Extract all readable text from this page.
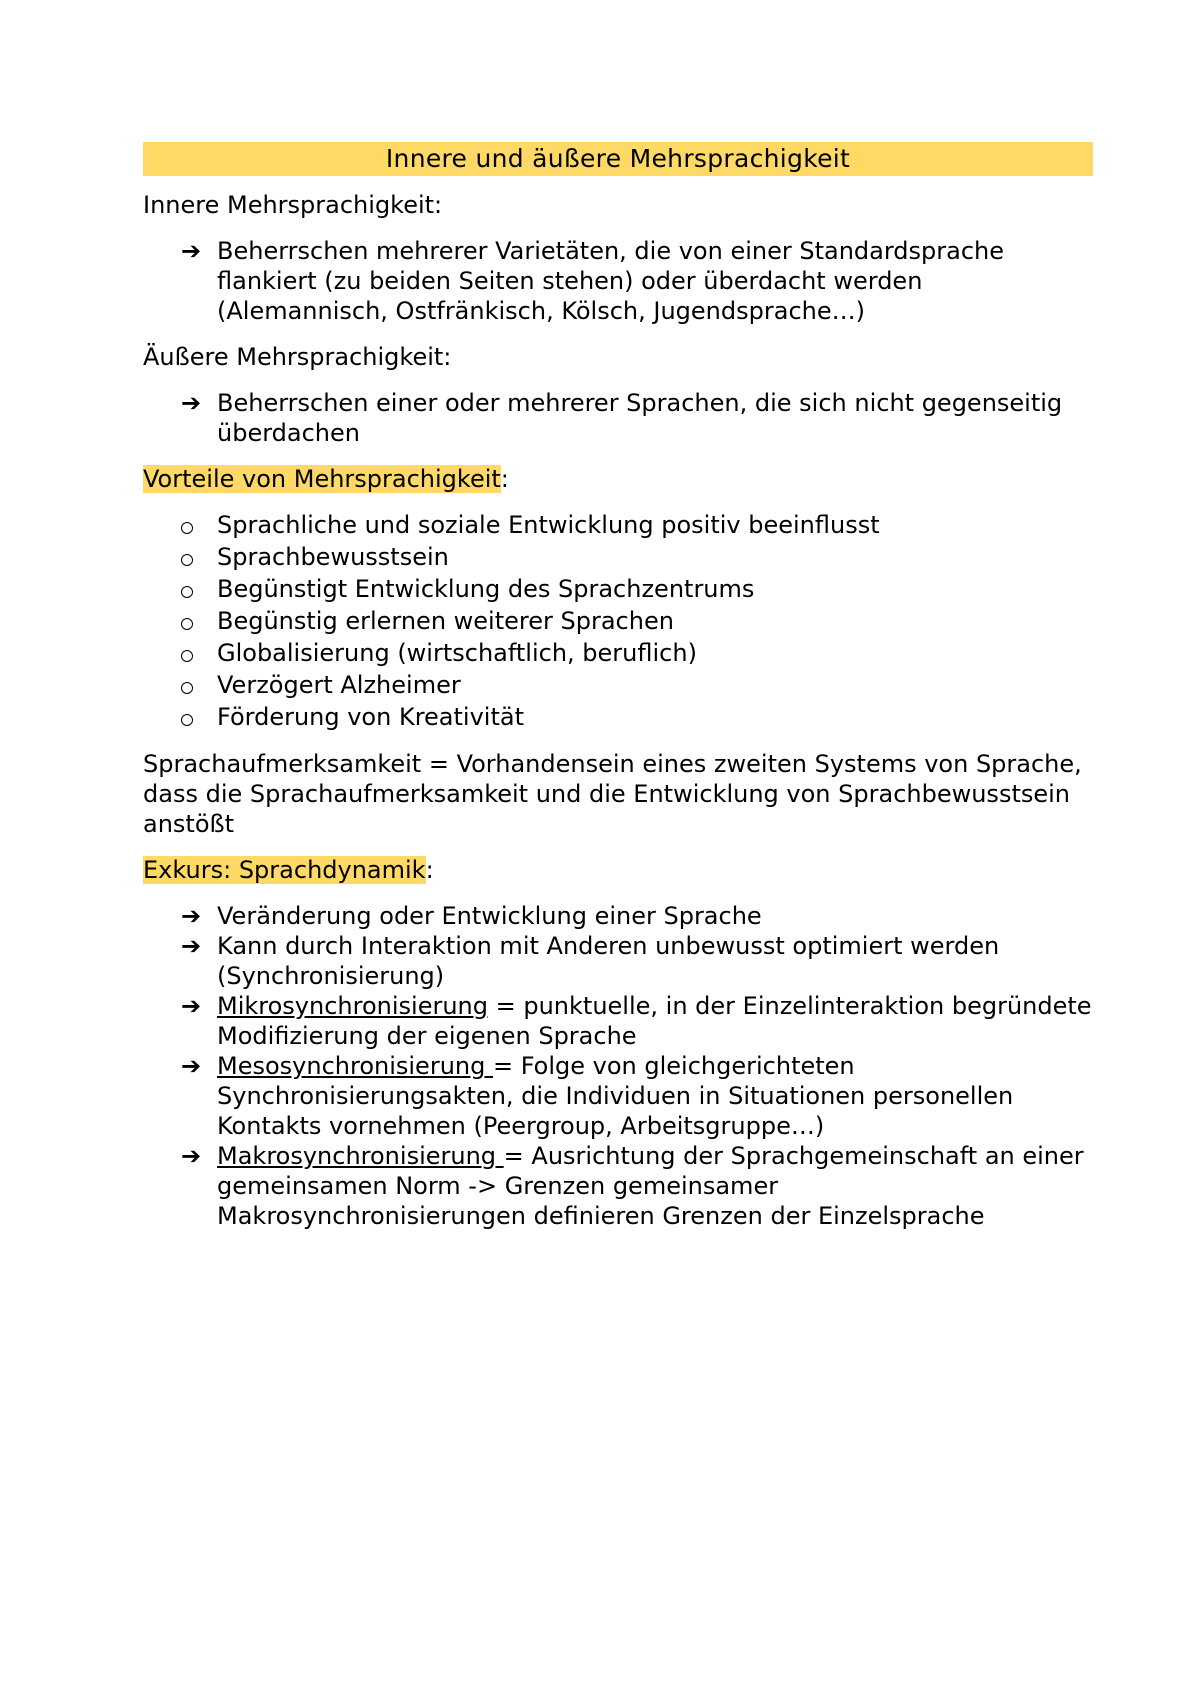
Innere und äußere Mehrsprachigkeit

Innere Mehrsprachigkeit:

➔ Beherrschen mehrerer Varietäten, die von einer Standardsprache flankiert (zu beiden Seiten stehen) oder überdacht werden (Alemannisch, Ostfränkisch, Kölsch, Jugendsprache…)

Äußere Mehrsprachigkeit:

➔ Beherrschen einer oder mehrerer Sprachen, die sich nicht gegenseitig überdachen

Vorteile von Mehrsprachigkeit:

Sprachliche und soziale Entwicklung positiv beeinflusst
Sprachbewusstsein
Begünstigt Entwicklung des Sprachzentrums
Begünstig erlernen weiterer Sprachen
Globalisierung (wirtschaftlich, beruflich)
Verzögert Alzheimer
Förderung von Kreativität

Sprachaufmerksamkeit = Vorhandensein eines zweiten Systems von Sprache, dass die Sprachaufmerksamkeit und die Entwicklung von Sprachbewusstsein anstößt

Exkurs: Sprachdynamik:

➔ Veränderung oder Entwicklung einer Sprache
➔ Kann durch Interaktion mit Anderen unbewusst optimiert werden (Synchronisierung)
➔ Mikrosynchronisierung = punktuelle, in der Einzelinteraktion begründete Modifizierung der eigenen Sprache
➔ Mesosynchronisierung = Folge von gleichgerichteten Synchronisierungsakten, die Individuen in Situationen personellen Kontakts vornehmen (Peergroup, Arbeitsgruppe…)
➔ Makrosynchronisierung = Ausrichtung der Sprachgemeinschaft an einer gemeinsamen Norm -> Grenzen gemeinsamer Makrosynchronisierungen definieren Grenzen der Einzelsprache
